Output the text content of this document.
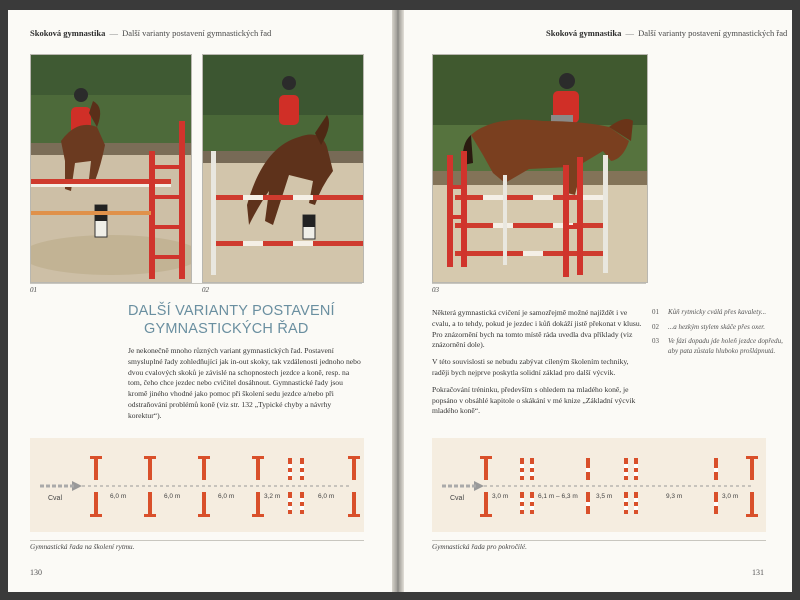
Skoková gymnastika — Další varianty postavení gymnastických řad
01	02
DALŠÍ VARIANTY POSTAVENÍ
GYMNASTICKÝCH ŘAD

Je nekonečně mnoho různých variant gymnastických řad. Postavení smysluplné řady zohledňující jak in-out skoky, tak vzdálenosti jednoho nebo dvou cvalových skoků je závislé na schopnostech jezdce a koně, resp. na tom, čeho chce jezdec nebo cvičitel dosáhnout. Gymnastické řady jsou kromě jiného vhodné jako pomoc při školení sedu jezdce a/nebo při odstraňování problémů koně (viz str. 132 „Typické chyby a návrhy korektur“).

Cval	6,0 m	6,0 m	6,0 m	3,2 m	6,0 m
Gymnastická řada na školení rytmu.
130
Skoková gymnastika — Další varianty postavení gymnastických řad
03

Některá gymnastická cvičení je samozřejmě možné najíždět i ve cvalu, a to tehdy, pokud je jezdec i kůň dokáží jistě překonat v klusu. Pro znázornění bych na tomto místě ráda uvedla dva příklady (viz znázornění dole).

V této souvislosti se nebudu zabývat cíleným školením techniky, raději bych nejprve poskytla solidní základ pro další výcvik.

Pokračování tréninku, především s ohledem na mladého koně, je popsáno v obsáhlé kapitole o skákání v mé knize „Základní výcvik mladého koně“.

01	Kůň rytmicky cválá přes kavalety...
02	...a hezkým stylem skáče přes oxer.
03	Ve fázi dopadu jde holeň jezdce dopředu, aby pata zůstala hluboko prošlápnutá.
Cval	3,0 m	6,1 m – 6,3 m	3,5 m	9,3 m	3,0 m
Gymnastická řada pro pokročilé.
131
